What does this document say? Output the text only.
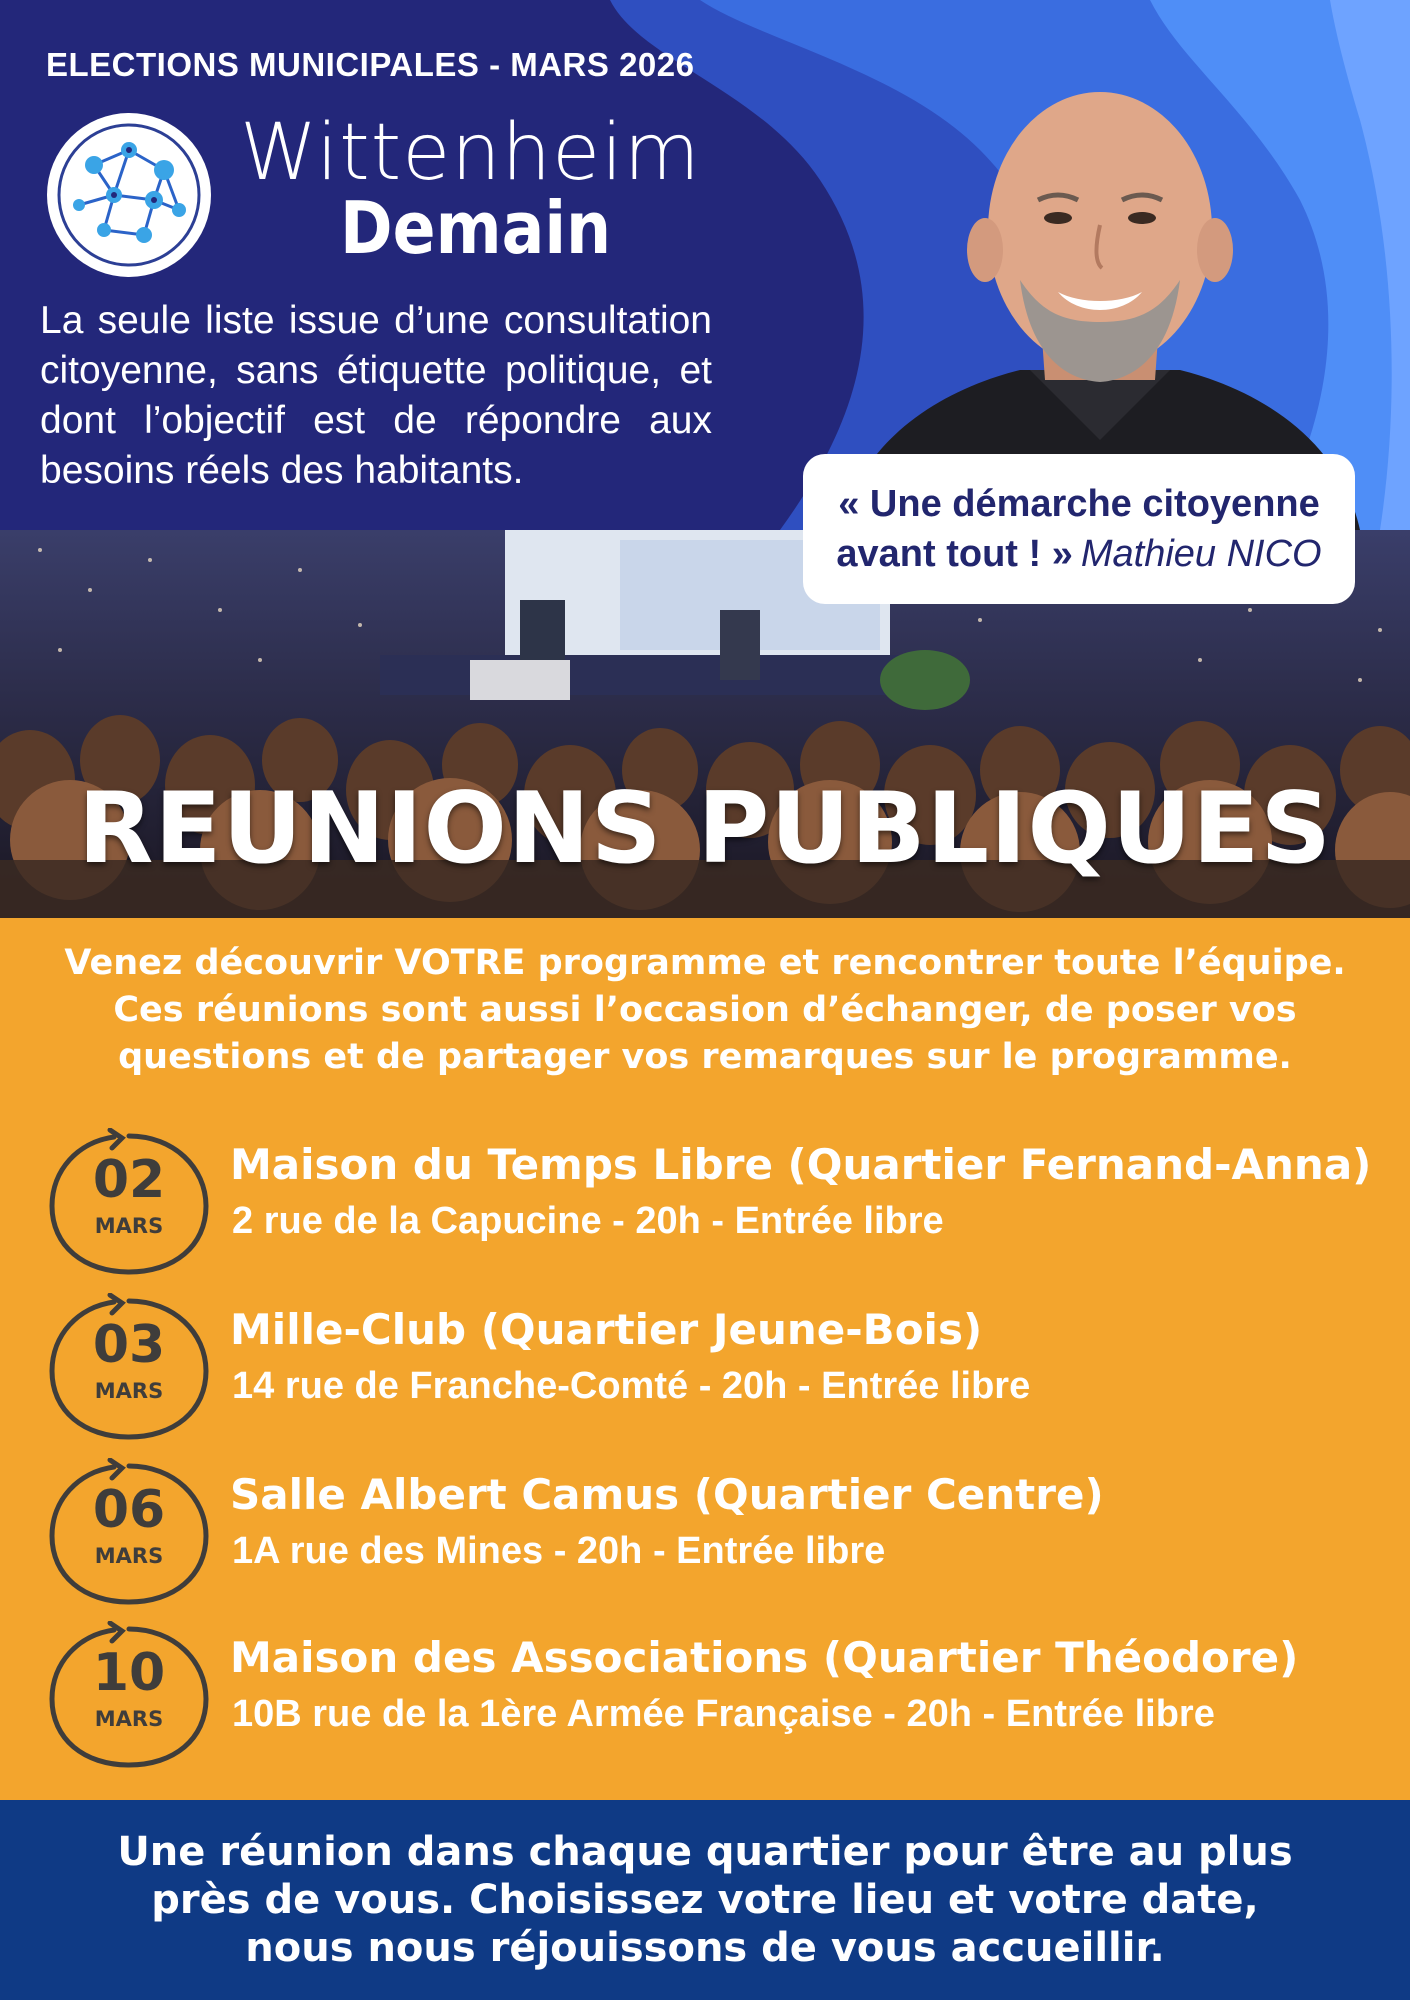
ELECTIONS MUNICIPALES - MARS 2026
Wittenheim
Demain
La seule liste issue d’une consultation citoyenne, sans étiquette politique, et dont l’objectif est de répondre aux besoins réels des habitants.
« Une démarche citoyenne
avant tout ! » Mathieu NICO
REUNIONS PUBLIQUES
Venez découvrir VOTRE programme et rencontrer toute l’équipe.
Ces réunions sont aussi l’occasion d’échanger, de poser vos
questions et de partager vos remarques sur le programme.
02
MARS
Maison du Temps Libre (Quartier Fernand-Anna)
2 rue de la Capucine - 20h - Entrée libre
03
MARS
Mille-Club (Quartier Jeune-Bois)
14 rue de Franche-Comté - 20h - Entrée libre
06
MARS
Salle Albert Camus (Quartier Centre)
1A rue des Mines - 20h - Entrée libre
10
MARS
Maison des Associations (Quartier Théodore)
10B rue de la 1ère Armée Française - 20h - Entrée libre
Une réunion dans chaque quartier pour être au plus
près de vous. Choisissez votre lieu et votre date,
nous nous réjouissons de vous accueillir.
